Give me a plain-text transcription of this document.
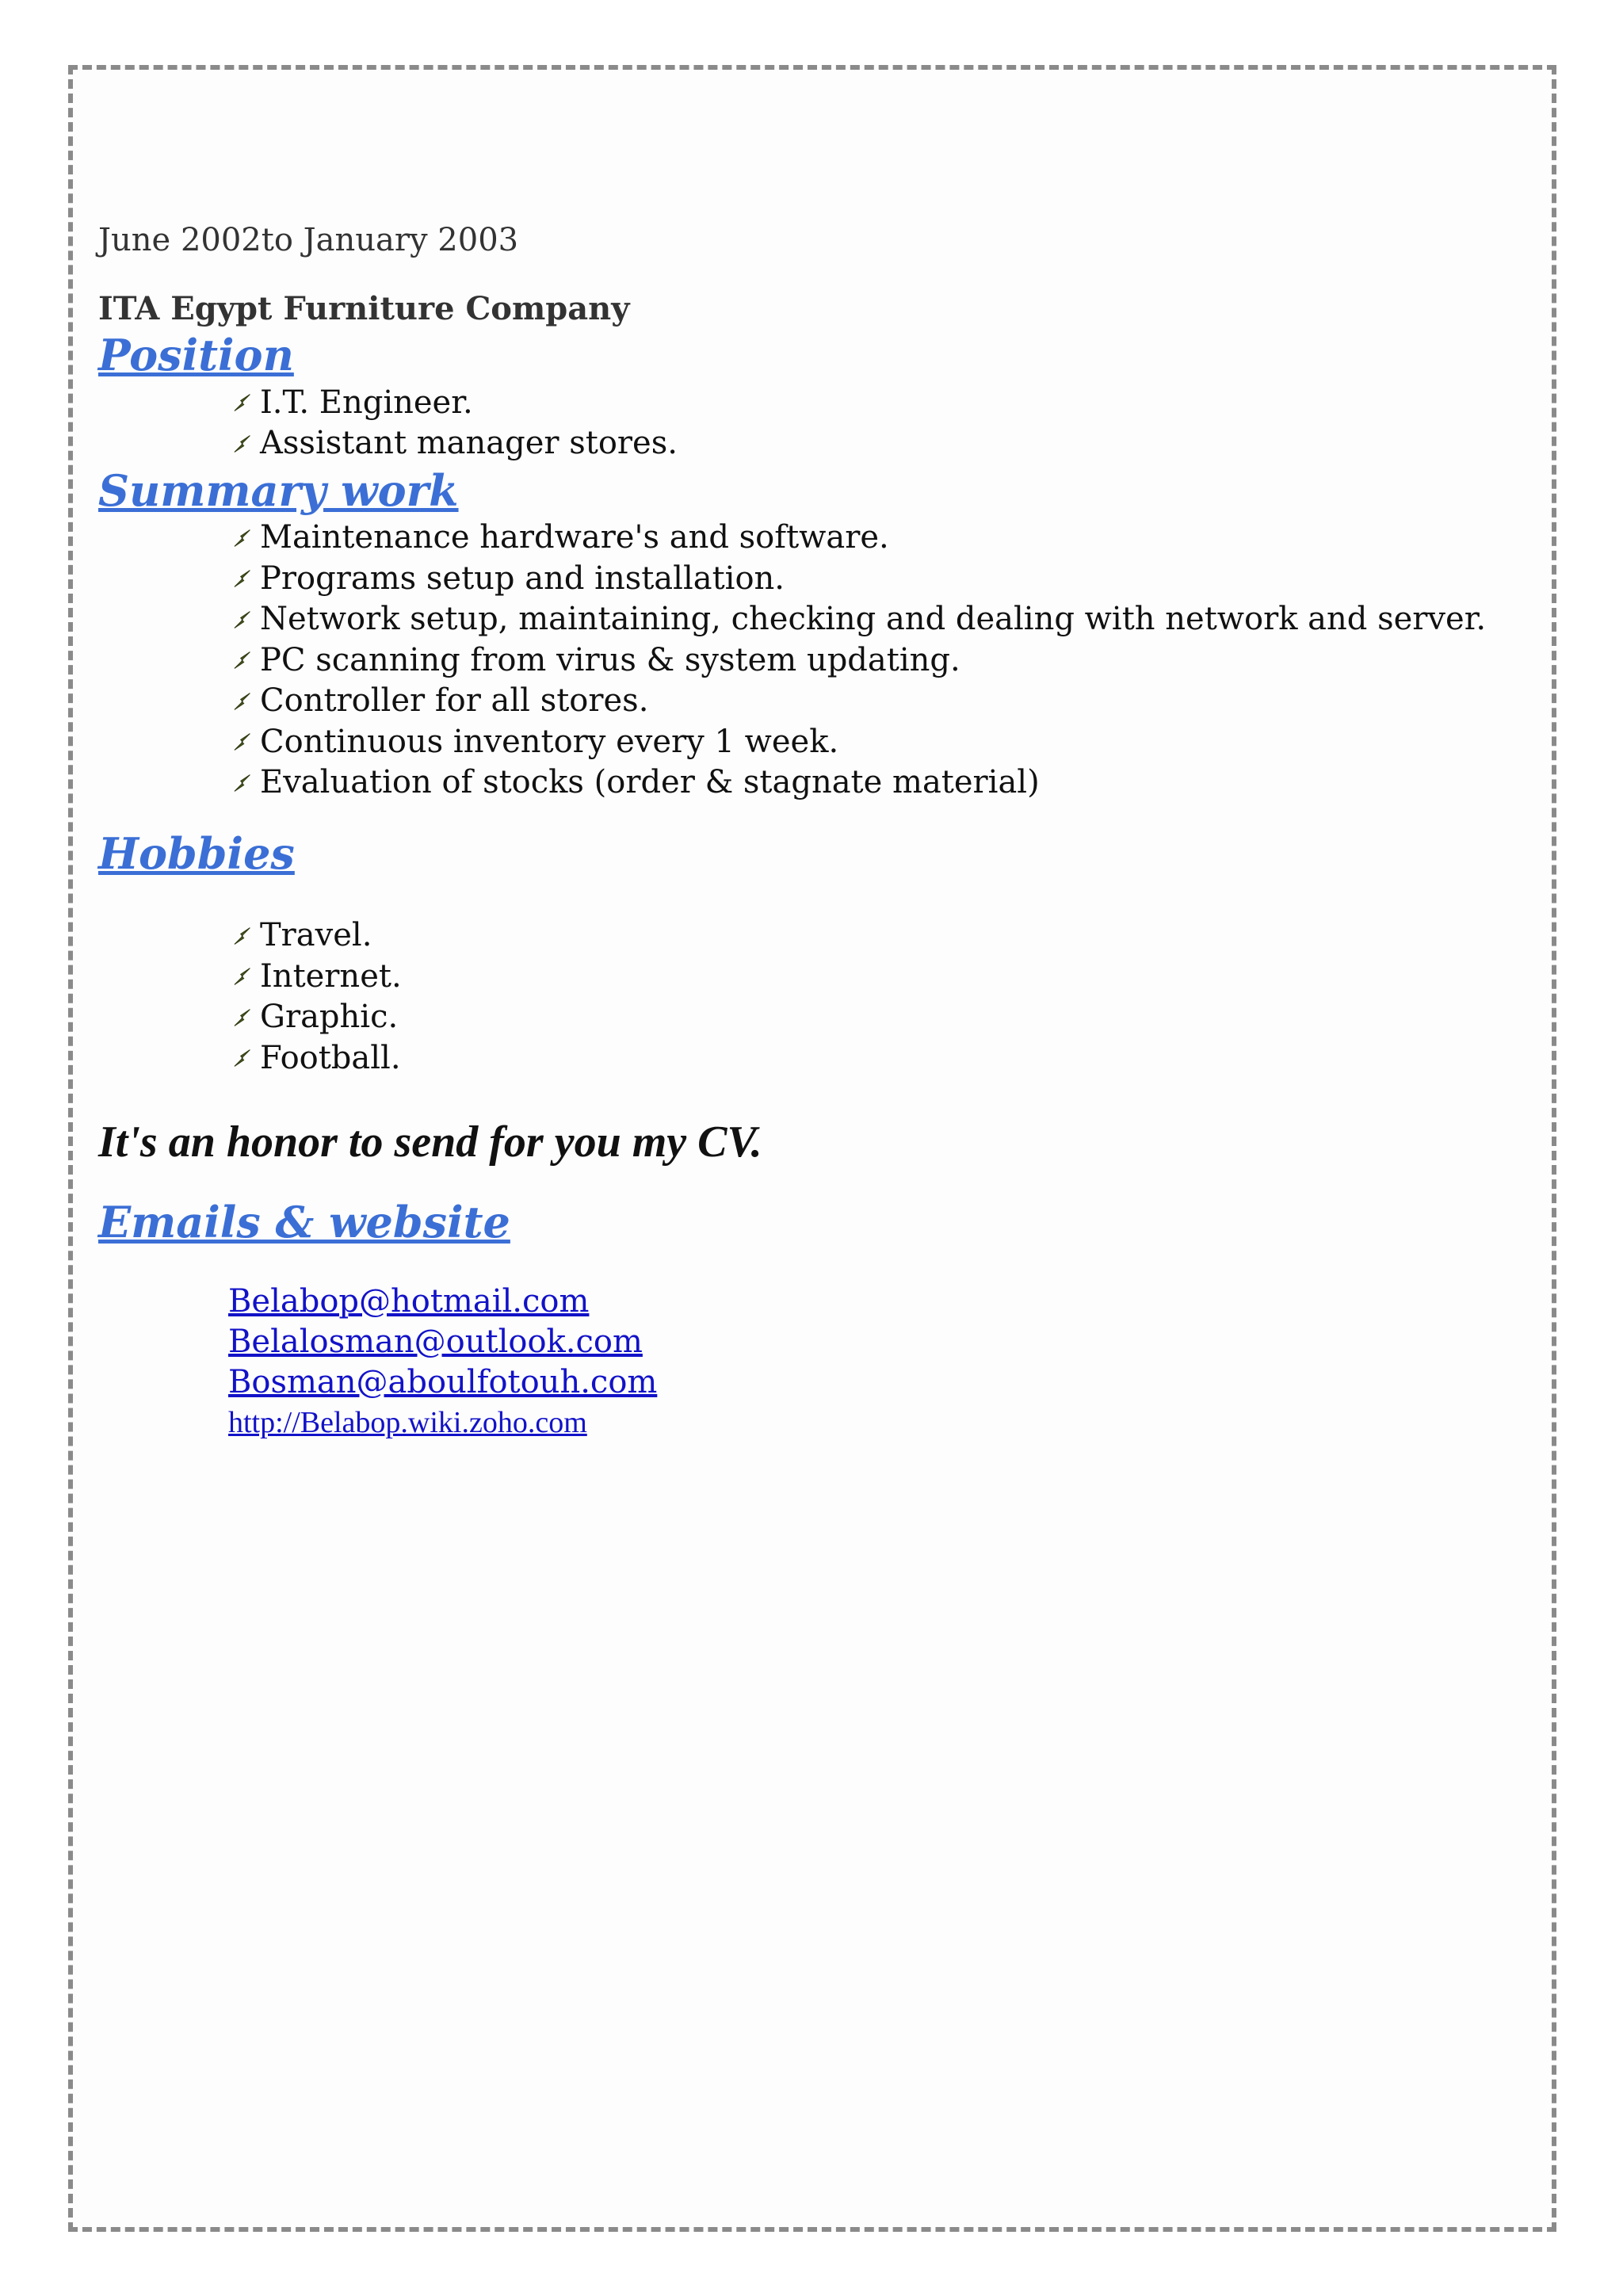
June 2002to January 2003

ITA Egypt Furniture Company

Position
I.T. Engineer.
Assistant manager stores.
Summary work
Maintenance hardware's and software.
Programs setup and installation.
Network setup, maintaining, checking and dealing with network and server.
PC scanning from virus & system updating.
Controller for all stores.
Continuous inventory every 1 week.
Evaluation of stocks (order & stagnate material)
Hobbies
Travel.
Internet.
Graphic.
Football.

It's an honor to send for you my CV.

Emails & website
Belabop@hotmail.com
Belalosman@outlook.com
Bosman@aboulfotouh.com
http://Belabop.wiki.zoho.com
